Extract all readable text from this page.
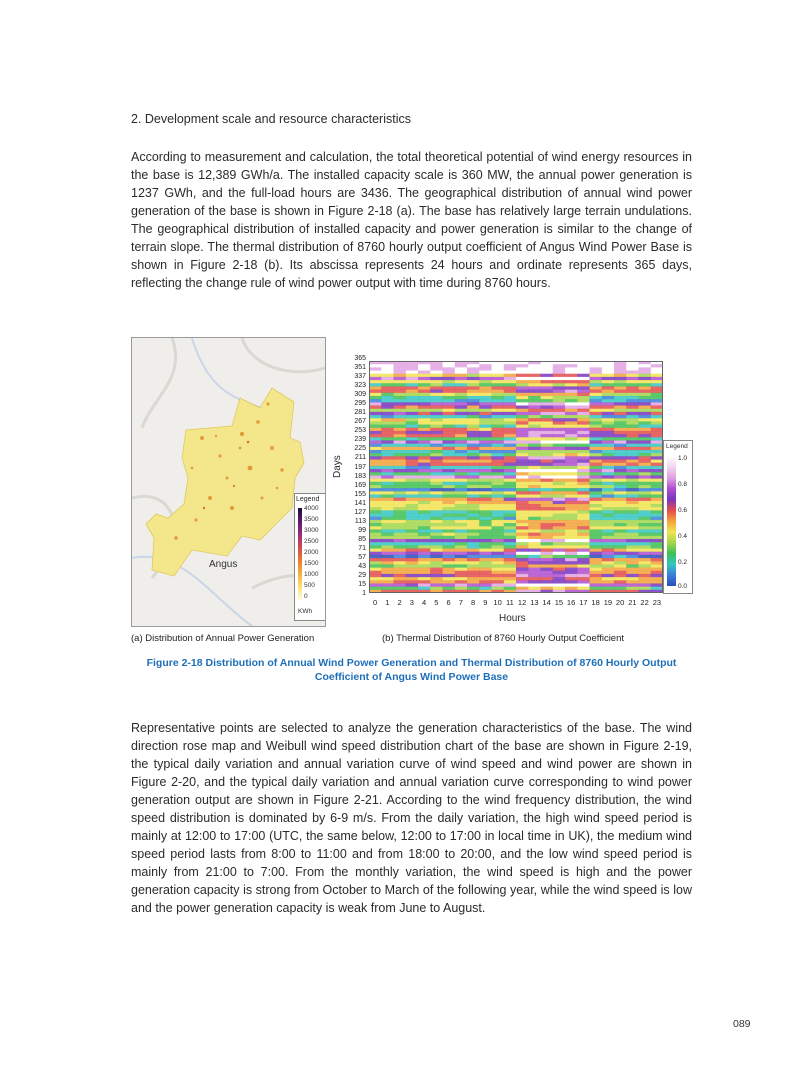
2. Development scale and resource characteristics

According to measurement and calculation, the total theoretical potential of wind energy resources in the base is 12,389 GWh/a. The installed capacity scale is 360 MW, the annual power generation is 1237 GWh, and the full-load hours are 3436. The geographical distribution of annual wind power generation of the base is shown in Figure 2-18 (a). The base has relatively large terrain undulations. The geographical distribution of installed capacity and power generation is similar to the change of terrain slope. The thermal distribution of 8760 hourly output coefficient of Angus Wind Power Base is shown in Figure 2-18 (b). Its abscissa represents 24 hours and ordinate represents 365 days, reflecting the change rule of wind power output with time during 8760 hours.

Angus
Legend
4000
3500
3000
2500
2000
1500
1000
500
0
KWh
Days
365
351
337
323
309
295
281
267
253
239
225
211
197
183
169
155
141
127
113
99
85
71
57
43
29
15
1
0	1	2	3	4	5	6	7	8	9 10 11 12 13 14 15 16 17 18 19 20 21 22 23
Hours
Legend
1.0
0.8
0.6
0.4
0.2
0.0
(a) Distribution of Annual Power Generation	(b) Thermal Distribution of 8760 Hourly Output Coefficient
Figure 2-18 Distribution of Annual Wind Power Generation and Thermal Distribution of 8760 Hourly Output Coefficient of Angus Wind Power Base

Representative points are selected to analyze the generation characteristics of the base. The wind direction rose map and Weibull wind speed distribution chart of the base are shown in Figure 2-19, the typical daily variation and annual variation curve of wind speed and wind power are shown in Figure 2-20, and the typical daily variation and annual variation curve corresponding to wind power generation output are shown in Figure 2-21. According to the wind frequency distribution, the wind speed distribution is dominated by 6-9 m/s. From the daily variation, the high wind speed period is mainly at 12:00 to 17:00 (UTC, the same below, 12:00 to 17:00 in local time in UK), the medium wind speed period lasts from 8:00 to 11:00 and from 18:00 to 20:00, and the low wind speed period is mainly from 21:00 to 7:00. From the monthly variation, the wind speed is high and the power generation capacity is strong from October to March of the following year, while the wind speed is low and the power generation capacity is weak from June to August.

089
